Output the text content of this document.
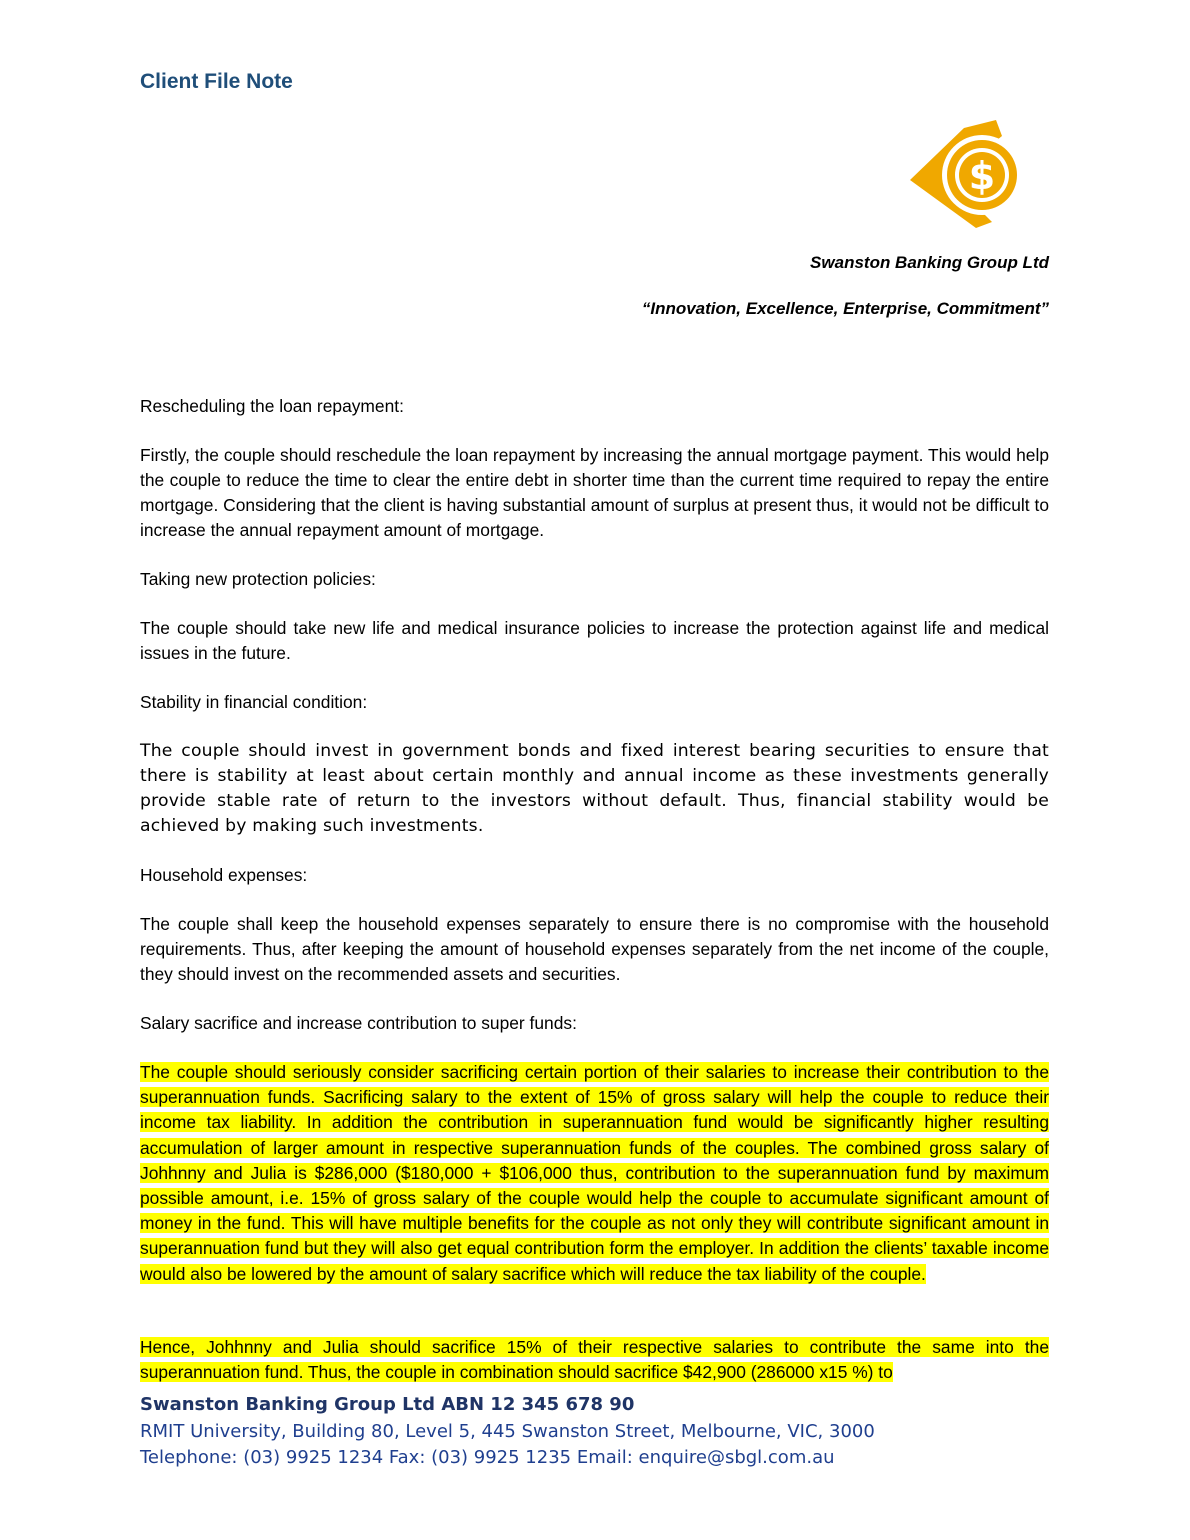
Client File Note
$
Swanston Banking Group Ltd
“Innovation, Excellence, Enterprise, Commitment”

Rescheduling the loan repayment:

Firstly, the couple should reschedule the loan repayment by increasing the annual mortgage payment. This would help the couple to reduce the time to clear the entire debt in shorter time than the current time required to repay the entire mortgage. Considering that the client is having substantial amount of surplus at present thus, it would not be difficult to increase the annual repayment amount of mortgage.

Taking new protection policies:

The couple should take new life and medical insurance policies to increase the protection against life and medical issues in the future.

Stability in financial condition:

The couple should invest in government bonds and fixed interest bearing securities to ensure that there is stability at least about certain monthly and annual income as these investments generally provide stable rate of return to the investors without default. Thus, financial stability would be achieved by making such investments.

Household expenses:

The couple shall keep the household expenses separately to ensure there is no compromise with the household requirements. Thus, after keeping the amount of household expenses separately from the net income of the couple, they should invest on the recommended assets and securities.

Salary sacrifice and increase contribution to super funds:

The couple should seriously consider sacrificing certain portion of their salaries to increase their contribution to the superannuation funds. Sacrificing salary to the extent of 15% of gross salary will help the couple to reduce their income tax liability. In addition the contribution in superannuation fund would be significantly higher resulting accumulation of larger amount in respective superannuation funds of the couples. The combined gross salary of Johhnny and Julia is $286,000 ($180,000 + $106,000 thus, contribution to the superannuation fund by maximum possible amount, i.e. 15% of gross salary of the couple would help the couple to accumulate significant amount of money in the fund. This will have multiple benefits for the couple as not only they will contribute significant amount in superannuation fund but they will also get equal contribution form the employer. In addition the clients’ taxable income would also be lowered by the amount of salary sacrifice which will reduce the tax liability of the couple.

Hence, Johhnny and Julia should sacrifice 15% of their respective salaries to contribute the same into the superannuation fund. Thus, the couple in combination should sacrifice $42,900 (286000 x15 %) to

Swanston Banking Group Ltd ABN 12 345 678 90
RMIT University, Building 80, Level 5, 445 Swanston Street, Melbourne, VIC, 3000
Telephone: (03) 9925 1234 Fax: (03) 9925 1235 Email: enquire@sbgl.com.au
